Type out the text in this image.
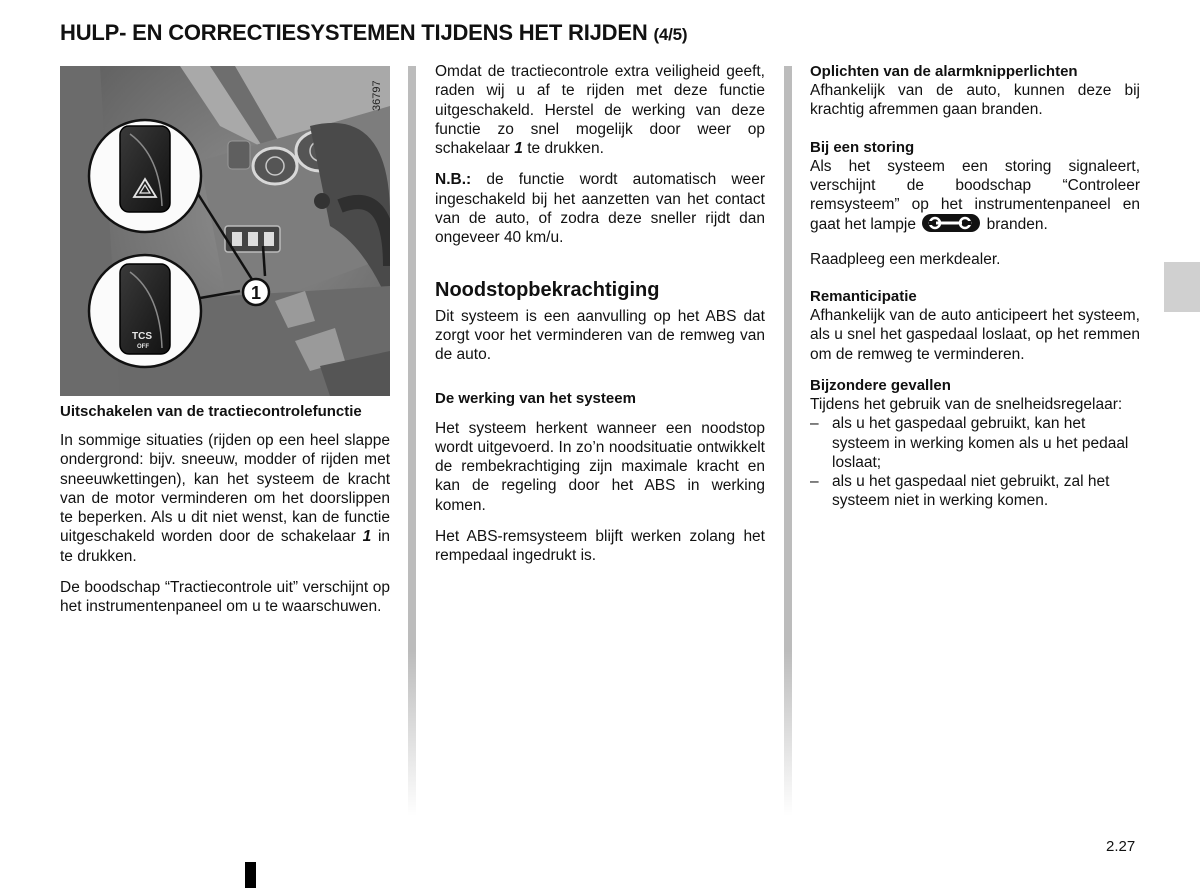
HULP- EN CORRECTIESYSTEMEN TIJDENS HET RIJDEN (4/5)
TCS
OFF
1
36797
Uitschakelen van de tractiecontrolefunctie

In sommige situaties (rijden op een heel slappe ondergrond: bijv. sneeuw, modder of rijden met sneeuwkettingen), kan het systeem de kracht van de motor verminderen om het doorslippen te beperken. Als u dit niet wenst, kan de functie uitgeschakeld worden door de schakelaar 1 in te drukken.

De boodschap “Tractiecontrole uit” verschijnt op het instrumentenpaneel om u te waarschuwen.

Omdat de tractiecontrole extra veiligheid geeft, raden wij u af te rijden met deze functie uitgeschakeld. Herstel de werking van deze functie zo snel mogelijk door weer op schakelaar 1 te drukken.

N.B.: de functie wordt automatisch weer ingeschakeld bij het aanzetten van het contact van de auto, of zodra deze sneller rijdt dan ongeveer 40 km/u.

Noodstopbekrachtiging

Dit systeem is een aanvulling op het ABS dat zorgt voor het verminderen van de remweg van de auto.

De werking van het systeem

Het systeem herkent wanneer een noodstop wordt uitgevoerd. In zo’n noodsituatie ontwikkelt de rembekrachtiging zijn maximale kracht en kan de regeling door het ABS in werking komen.

Het ABS-remsysteem blijft werken zolang het rempedaal ingedrukt is.

Oplichten van de alarmknipperlichten

Afhankelijk van de auto, kunnen deze bij krachtig afremmen gaan branden.

Bij een storing

Als het systeem een storing signaleert, verschijnt de boodschap “Controleer remsysteem” op het instrumentenpaneel en gaat het lampje	branden.

Raadpleeg een merkdealer.

Remanticipatie

Afhankelijk van de auto anticipeert het systeem, als u snel het gaspedaal loslaat, op het remmen om de remweg te verminderen.

Bijzondere gevallen

Tijdens het gebruik van de snelheidsregelaar:

– als u het gaspedaal gebruikt, kan het systeem in werking komen als u het pedaal loslaat;
– als u het gaspedaal niet gebruikt, zal het systeem niet in werking komen.
2.27
